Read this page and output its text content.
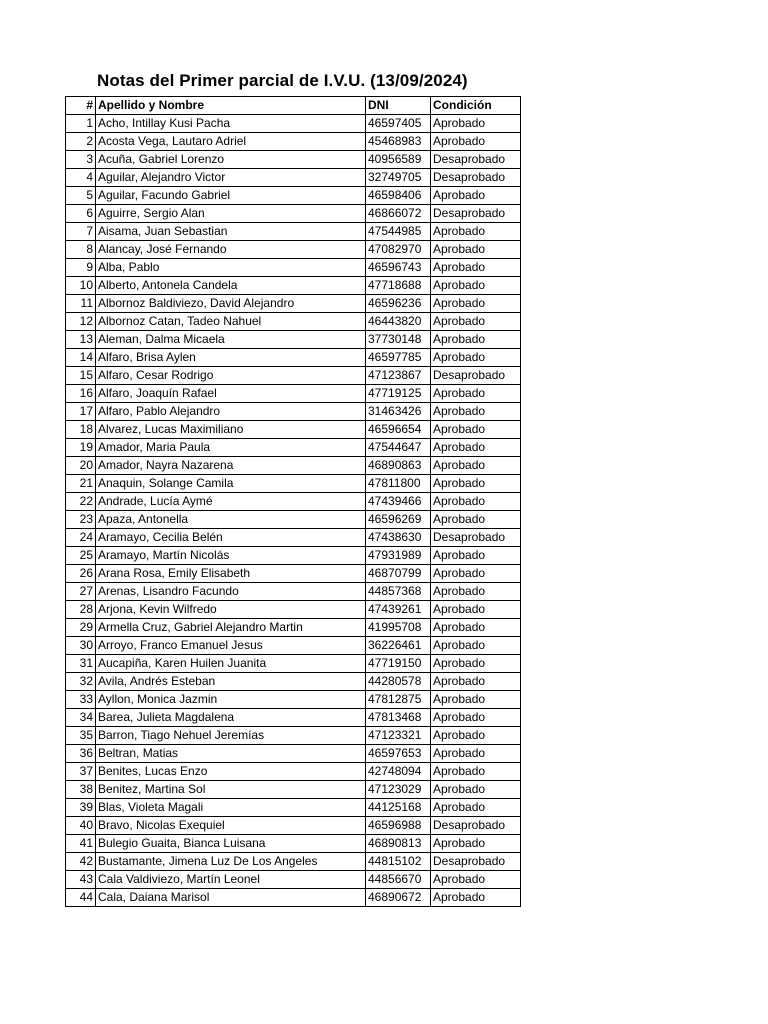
Notas del Primer parcial de I.V.U. (13/09/2024)
#	Apellido y Nombre	DNI	Condición
1	Acho, Intillay Kusi Pacha	46597405	Aprobado
2	Acosta Vega, Lautaro Adriel	45468983	Aprobado
3	Acuña, Gabriel Lorenzo	40956589	Desaprobado
4	Aguilar, Alejandro Victor	32749705	Desaprobado
5	Aguilar, Facundo Gabriel	46598406	Aprobado
6	Aguirre, Sergio Alan	46866072	Desaprobado
7	Aisama, Juan Sebastian	47544985	Aprobado
8	Alancay, José Fernando	47082970	Aprobado
9	Alba, Pablo	46596743	Aprobado
10	Alberto, Antonela Candela	47718688	Aprobado
11	Albornoz Baldiviezo, David Alejandro	46596236	Aprobado
12	Albornoz Catan, Tadeo Nahuel	46443820	Aprobado
13	Aleman, Dalma Micaela	37730148	Aprobado
14	Alfaro, Brisa Aylen	46597785	Aprobado
15	Alfaro, Cesar Rodrigo	47123867	Desaprobado
16	Alfaro, Joaquín Rafael	47719125	Aprobado
17	Alfaro, Pablo Alejandro	31463426	Aprobado
18	Alvarez, Lucas Maximiliano	46596654	Aprobado
19	Amador, Maria Paula	47544647	Aprobado
20	Amador, Nayra Nazarena	46890863	Aprobado
21	Anaquin, Solange Camila	47811800	Aprobado
22	Andrade, Lucía Aymé	47439466	Aprobado
23	Apaza, Antonella	46596269	Aprobado
24	Aramayo, Cecilia Belén	47438630	Desaprobado
25	Aramayo, Martín Nicolás	47931989	Aprobado
26	Arana Rosa, Emily Elisabeth	46870799	Aprobado
27	Arenas, Lisandro Facundo	44857368	Aprobado
28	Arjona, Kevin Wilfredo	47439261	Aprobado
29	Armella Cruz, Gabriel Alejandro Martin	41995708	Aprobado
30	Arroyo, Franco Emanuel Jesus	36226461	Aprobado
31	Aucapiña, Karen Huilen Juanita	47719150	Aprobado
32	Avila, Andrés Esteban	44280578	Aprobado
33	Ayllon, Monica Jazmin	47812875	Aprobado
34	Barea, Julieta Magdalena	47813468	Aprobado
35	Barron, Tiago Nehuel Jeremías	47123321	Aprobado
36	Beltran, Matias	46597653	Aprobado
37	Benites, Lucas Enzo	42748094	Aprobado
38	Benitez, Martina Sol	47123029	Aprobado
39	Blas, Violeta Magali	44125168	Aprobado
40	Bravo, Nicolas Exequiel	46596988	Desaprobado
41	Bulegio Guaita, Bianca Luisana	46890813	Aprobado
42	Bustamante, Jimena Luz De Los Angeles	44815102	Desaprobado
43	Cala Valdiviezo, Martín Leonel	44856670	Aprobado
44	Cala, Daiana Marisol	46890672	Aprobado
